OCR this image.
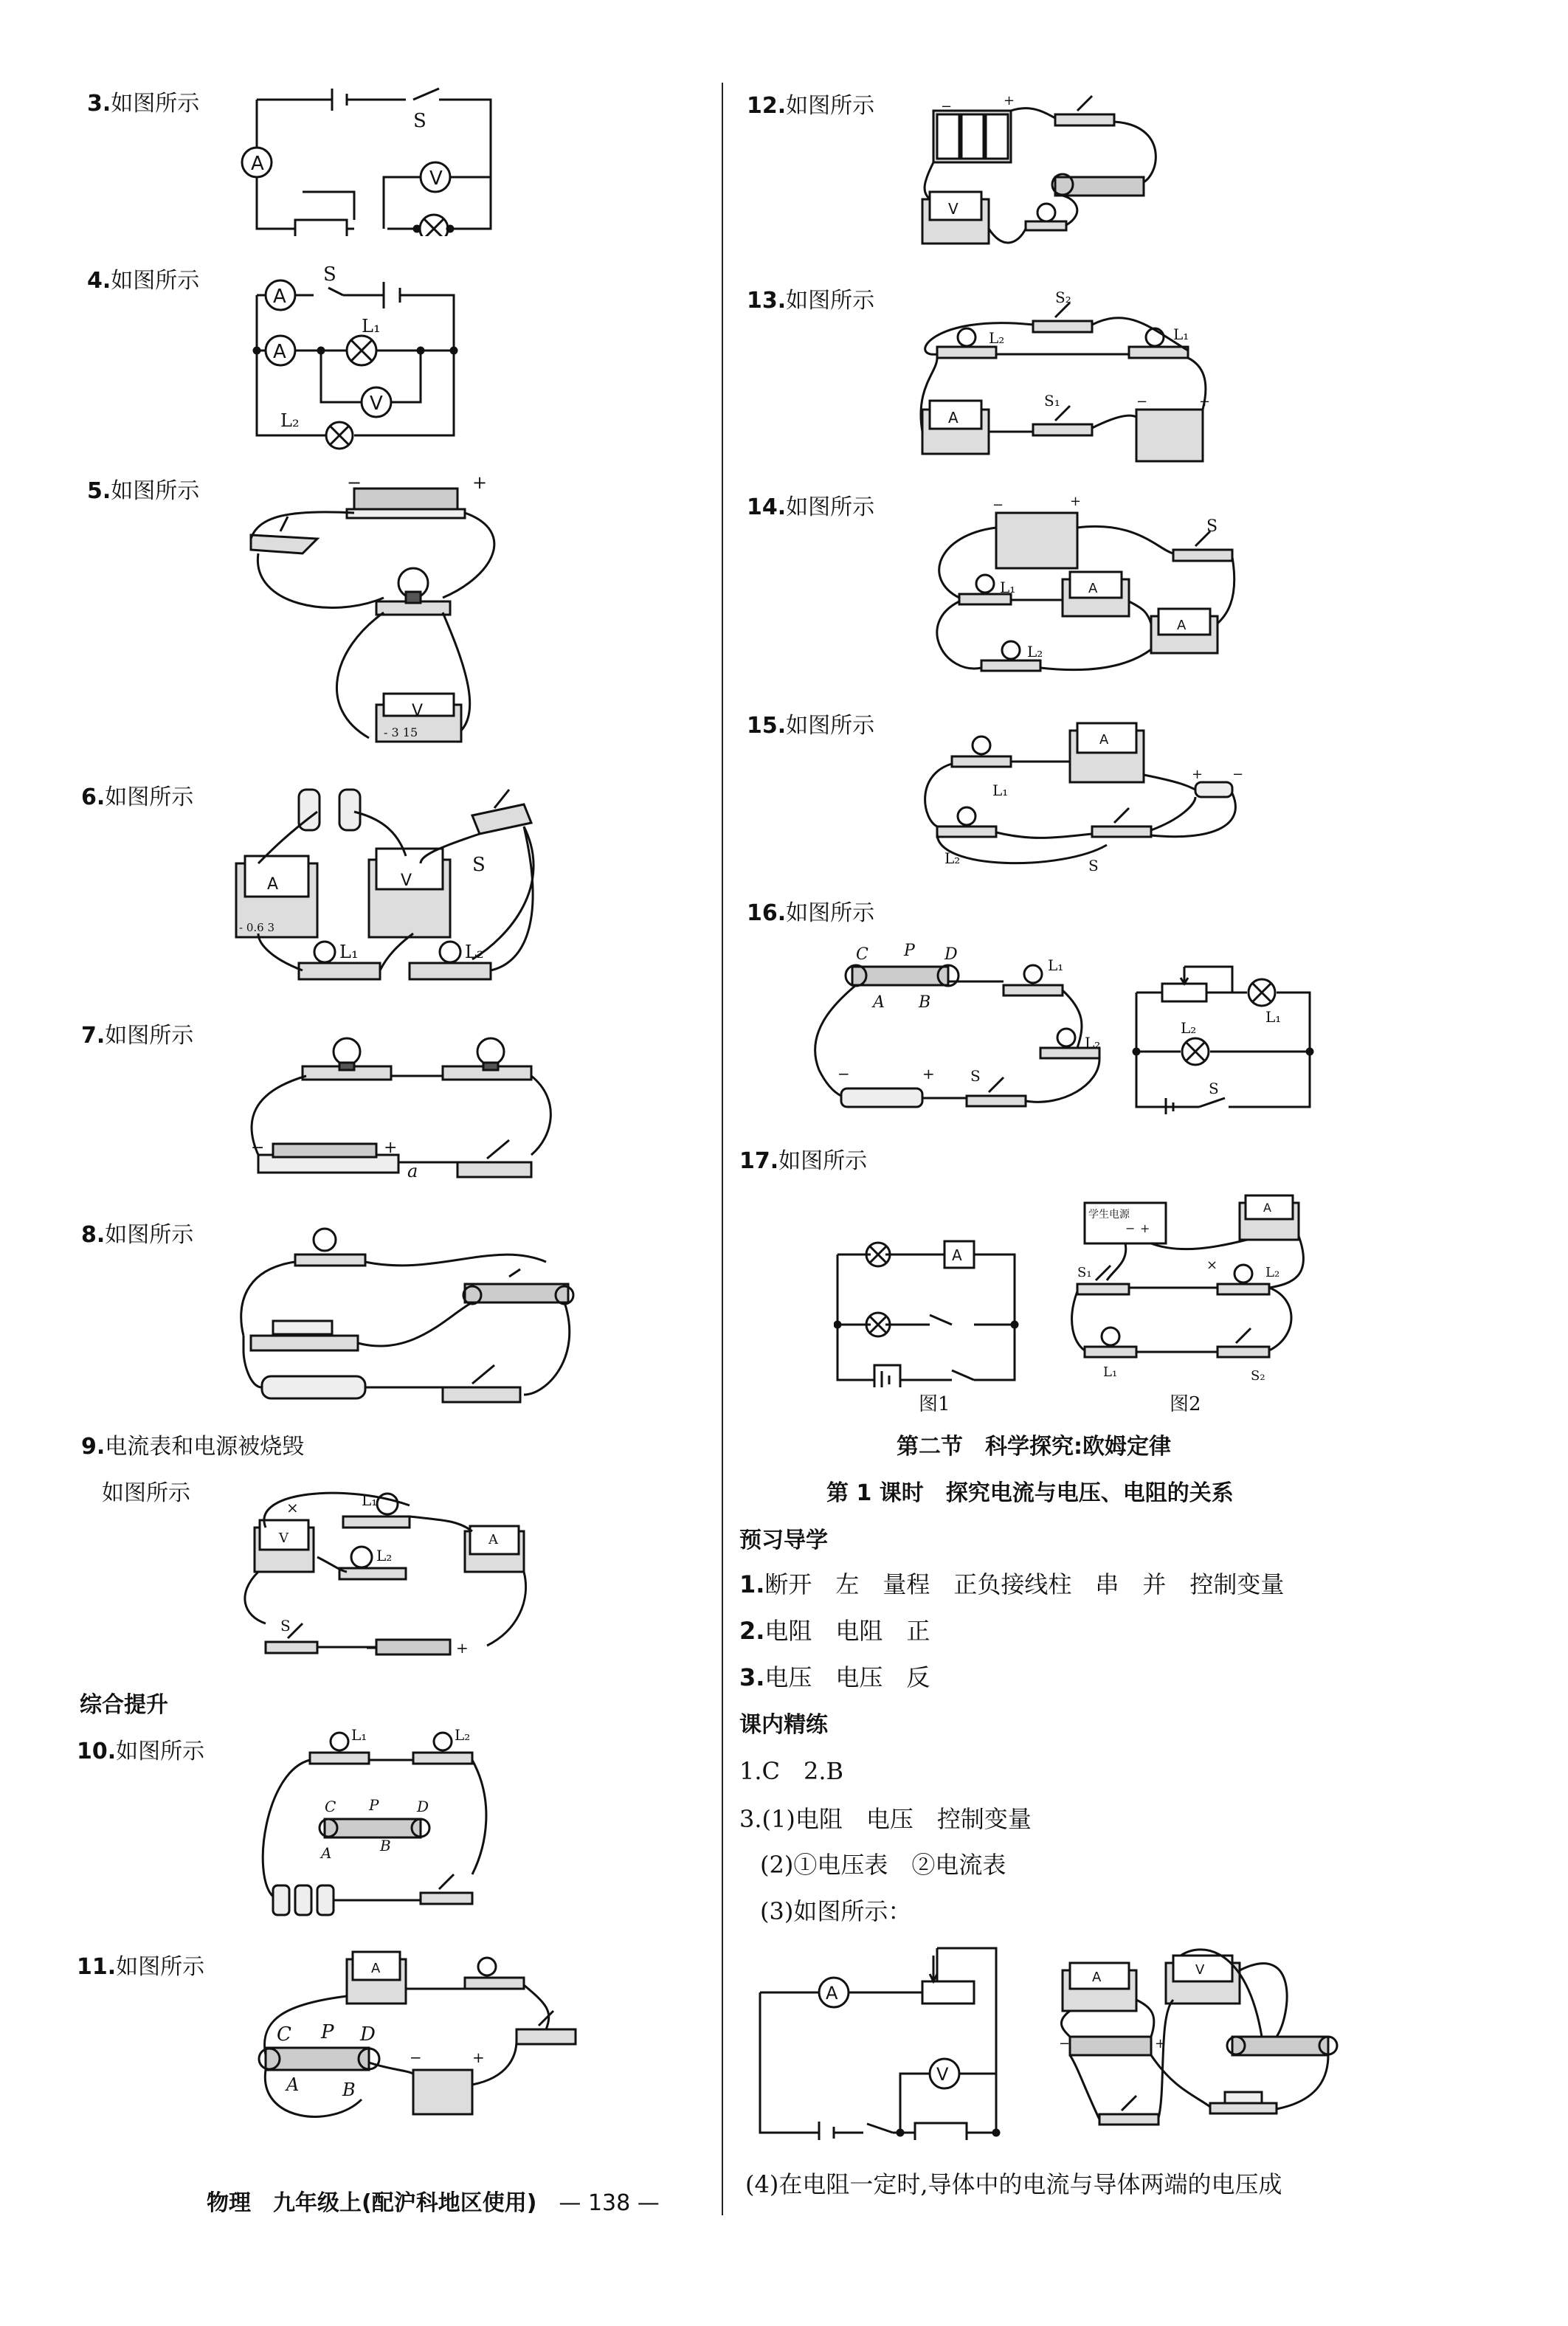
3.如图所示
4.如图所示
5.如图所示
6.如图所示
7.如图所示
8.如图所示
9.电流表和电源被烧毁
如图所示
综合提升
10.如图所示
11.如图所示
A
V
S
A
A
V
S
L₁
L₂
−	+
V
- 3 15
A
- 0.6 3
V
S
L₁	L₂
−	+
a
V
L₁
L₂
A
×
S
−	+
L₁	L₂
C P	D
A	B
A
C P D
A B
−	+
12.如图所示
13.如图所示
14.如图所示
15.如图所示
16.如图所示
17.如图所示
−	+
V
S₂
L₂	L₁
A
S₁	−	+
−	+
S
L₁	A
A
L₂
A
+ −
L₁
L₂	S
C P D
A B
L₁
L₂
−	+ S
L₁
L₂
S
A
图1
学生电源
− +
A
S₁	L₂
×
L₁	S₂
图2
第二节　科学探究:欧姆定律
第 1 课时　探究电流与电压、电阻的关系
预习导学
1.断开　左　量程　正负接线柱　串　并　控制变量
2.电阻　电阻　正
3.电压　电压　反
课内精练
1.C　2.B
3.(1)电阻　电压　控制变量
(2)①电压表　②电流表
(3)如图所示：
A
V
A	V
−	+
(4)在电阻一定时,导体中的电流与导体两端的电压成
物理　九年级上(配沪科地区使用) — 138 —
